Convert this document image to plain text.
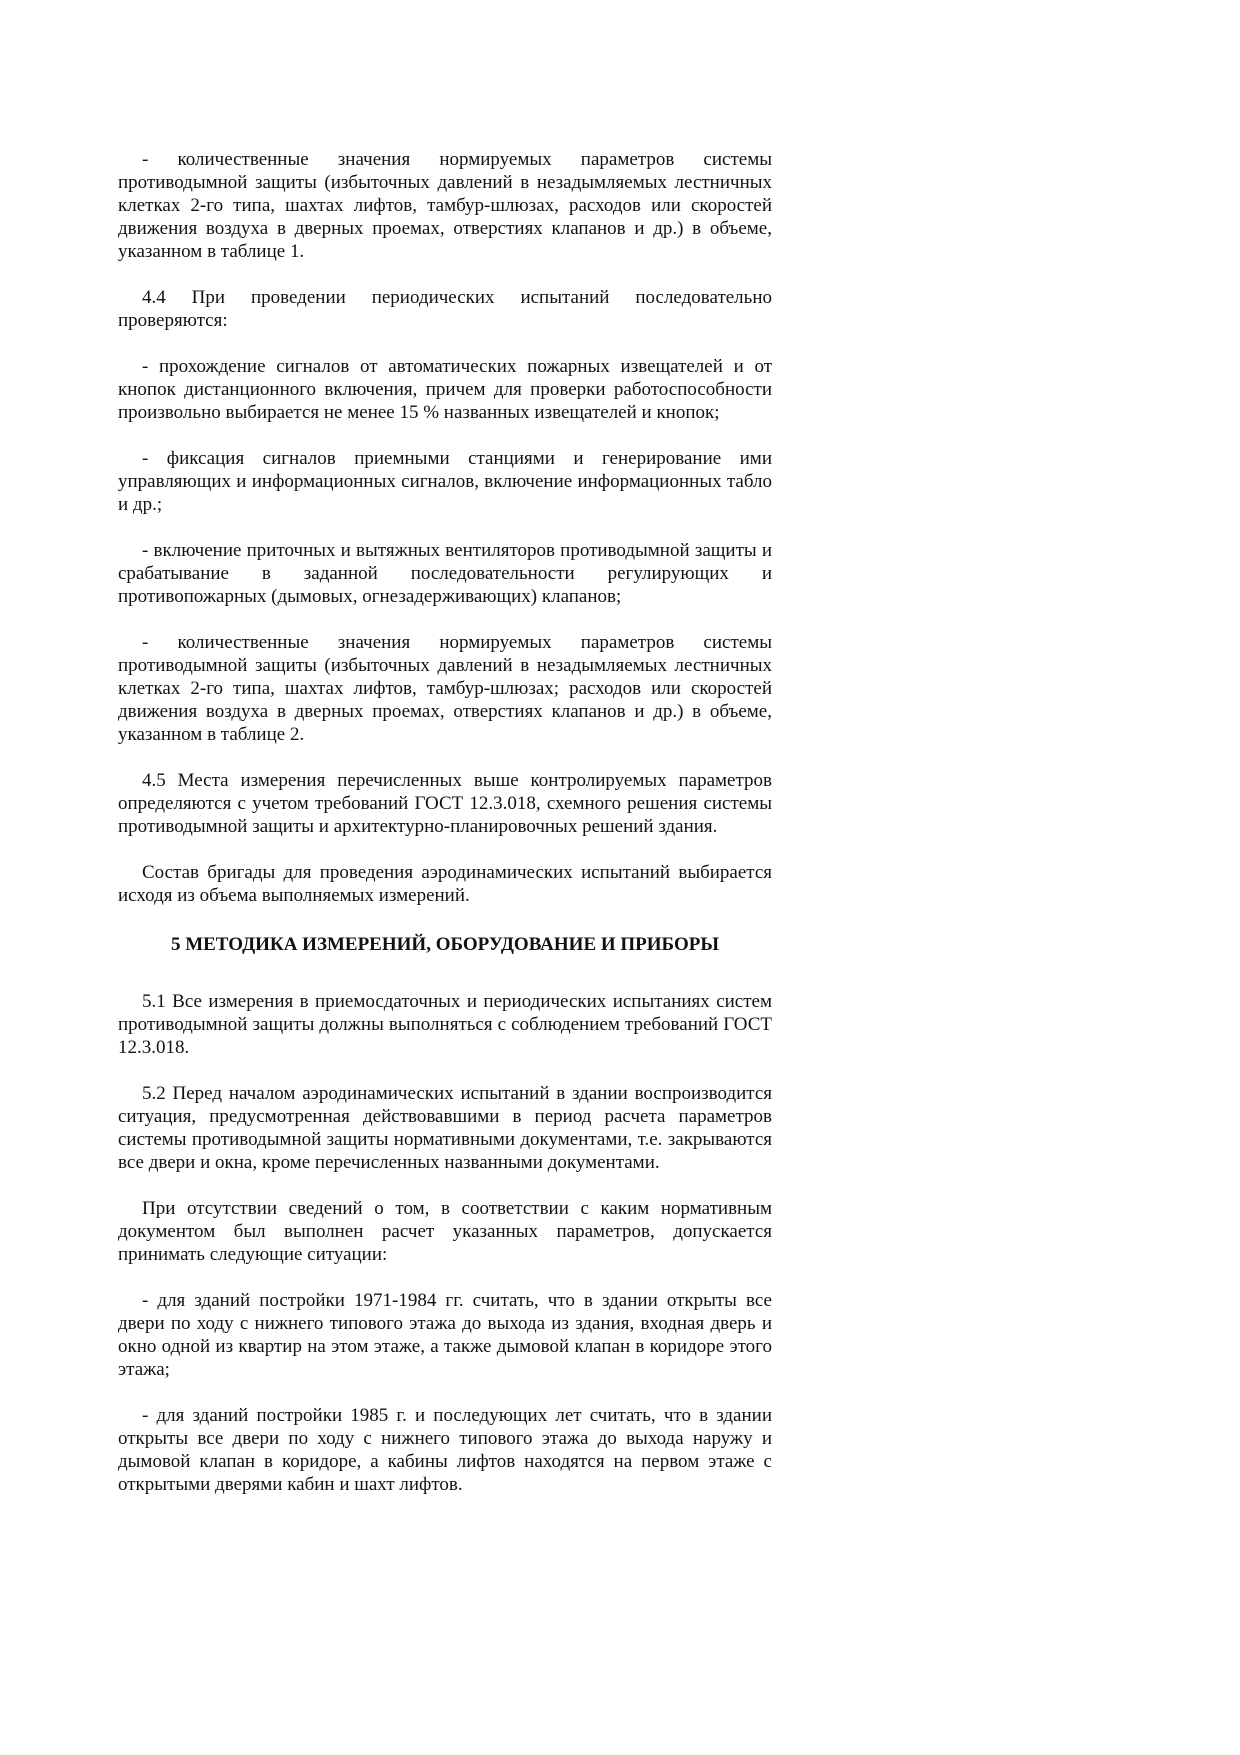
- количественные значения нормируемых параметров системы противодымной защиты (избыточных давлений в незадымляемых лестничных клетках 2-го типа, шахтах лифтов, тамбур-шлюзах, расходов или скоростей движения воздуха в дверных проемах, отверстиях клапанов и др.) в объеме, указанном в таблице 1.

4.4 При проведении периодических испытаний последовательно проверяются:

- прохождение сигналов от автоматических пожарных извещателей и от кнопок дистанционного включения, причем для проверки работоспособности произвольно выбирается не менее 15 % названных извещателей и кнопок;

- фиксация сигналов приемными станциями и генерирование ими управляющих и информационных сигналов, включение информационных табло и др.;

- включение приточных и вытяжных вентиляторов противодымной защиты и срабатывание в заданной последовательности регулирующих и противопожарных (дымовых, огнезадерживающих) клапанов;

- количественные значения нормируемых параметров системы противодымной защиты (избыточных давлений в незадымляемых лестничных клетках 2-го типа, шахтах лифтов, тамбур-шлюзах; расходов или скоростей движения воздуха в дверных проемах, отверстиях клапанов и др.) в объеме, указанном в таблице 2.

4.5 Места измерения перечисленных выше контролируемых параметров определяются с учетом требований ГОСТ 12.3.018, схемного решения системы противодымной защиты и архитектурно-планировочных решений здания.

Состав бригады для проведения аэродинамических испытаний выбирается исходя из объема выполняемых измерений.

5 МЕТОДИКА ИЗМЕРЕНИЙ, ОБОРУДОВАНИЕ И ПРИБОРЫ

5.1 Все измерения в приемосдаточных и периодических испытаниях систем противодымной защиты должны выполняться с соблюдением требований ГОСТ 12.3.018.

5.2 Перед началом аэродинамических испытаний в здании воспроизводится ситуация, предусмотренная действовавшими в период расчета параметров системы противодымной защиты нормативными документами, т.е. закрываются все двери и окна, кроме перечисленных названными документами.

При отсутствии сведений о том, в соответствии с каким нормативным документом был выполнен расчет указанных параметров, допускается принимать следующие ситуации:

- для зданий постройки 1971-1984 гг. считать, что в здании открыты все двери по ходу с нижнего типового этажа до выхода из здания, входная дверь и окно одной из квартир на этом этаже, а также дымовой клапан в коридоре этого этажа;

- для зданий постройки 1985 г. и последующих лет считать, что в здании открыты все двери по ходу с нижнего типового этажа до выхода наружу и дымовой клапан в коридоре, а кабины лифтов находятся на первом этаже с открытыми дверями кабин и шахт лифтов.
